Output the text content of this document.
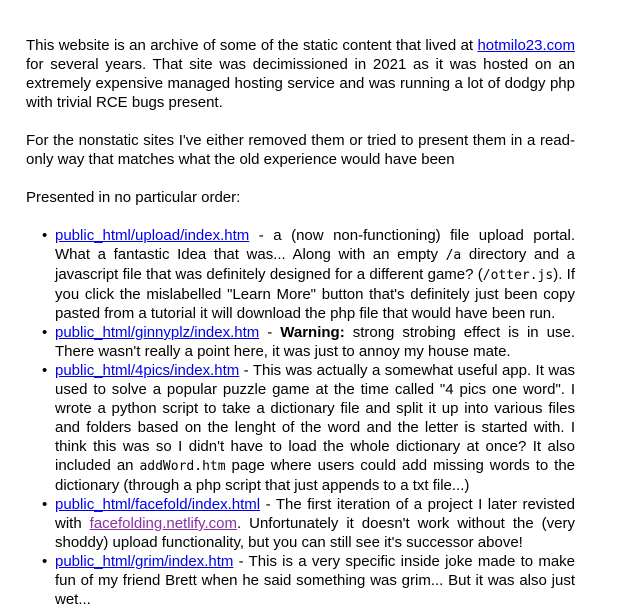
This website is an archive of some of the static content that lived at hotmilo23.com for several years. That site was decimissioned in 2021 as it was hosted on an extremely expensive managed hosting service and was running a lot of dodgy php with trivial RCE bugs present.

For the nonstatic sites I've either removed them or tried to present them in a read-only way that matches what the old experience would have been

Presented in no particular order:

• public_html/upload/index.htm - a (now non-functioning) file upload portal. What a fantastic Idea that was... Along with an empty /a directory and a javascript file that was definitely designed for a different game? (/otter.js). If you click the mislabelled "Learn More" button that's definitely just been copy pasted from a tutorial it will download the php file that would have been run.
• public_html/ginnyplz/index.htm - Warning: strong strobing effect is in use. There wasn't really a point here, it was just to annoy my house mate.
• public_html/4pics/index.htm - This was actually a somewhat useful app. It was used to solve a popular puzzle game at the time called "4 pics one word". I wrote a python script to take a dictionary file and split it up into various files and folders based on the lenght of the word and the letter is started with. I think this was so I didn't have to load the whole dictionary at once? It also included an addWord.htm page where users could add missing words to the dictionary (through a php script that just appends to a txt file...)
• public_html/facefold/index.html - The first iteration of a project I later revisted with facefolding.netlify.com. Unfortunately it doesn't work without the (very shoddy) upload functionality, but you can still see it's successor above!
• public_html/grim/index.htm - This is a very specific inside joke made to make fun of my friend Brett when he said something was grim... But it was also just wet...
